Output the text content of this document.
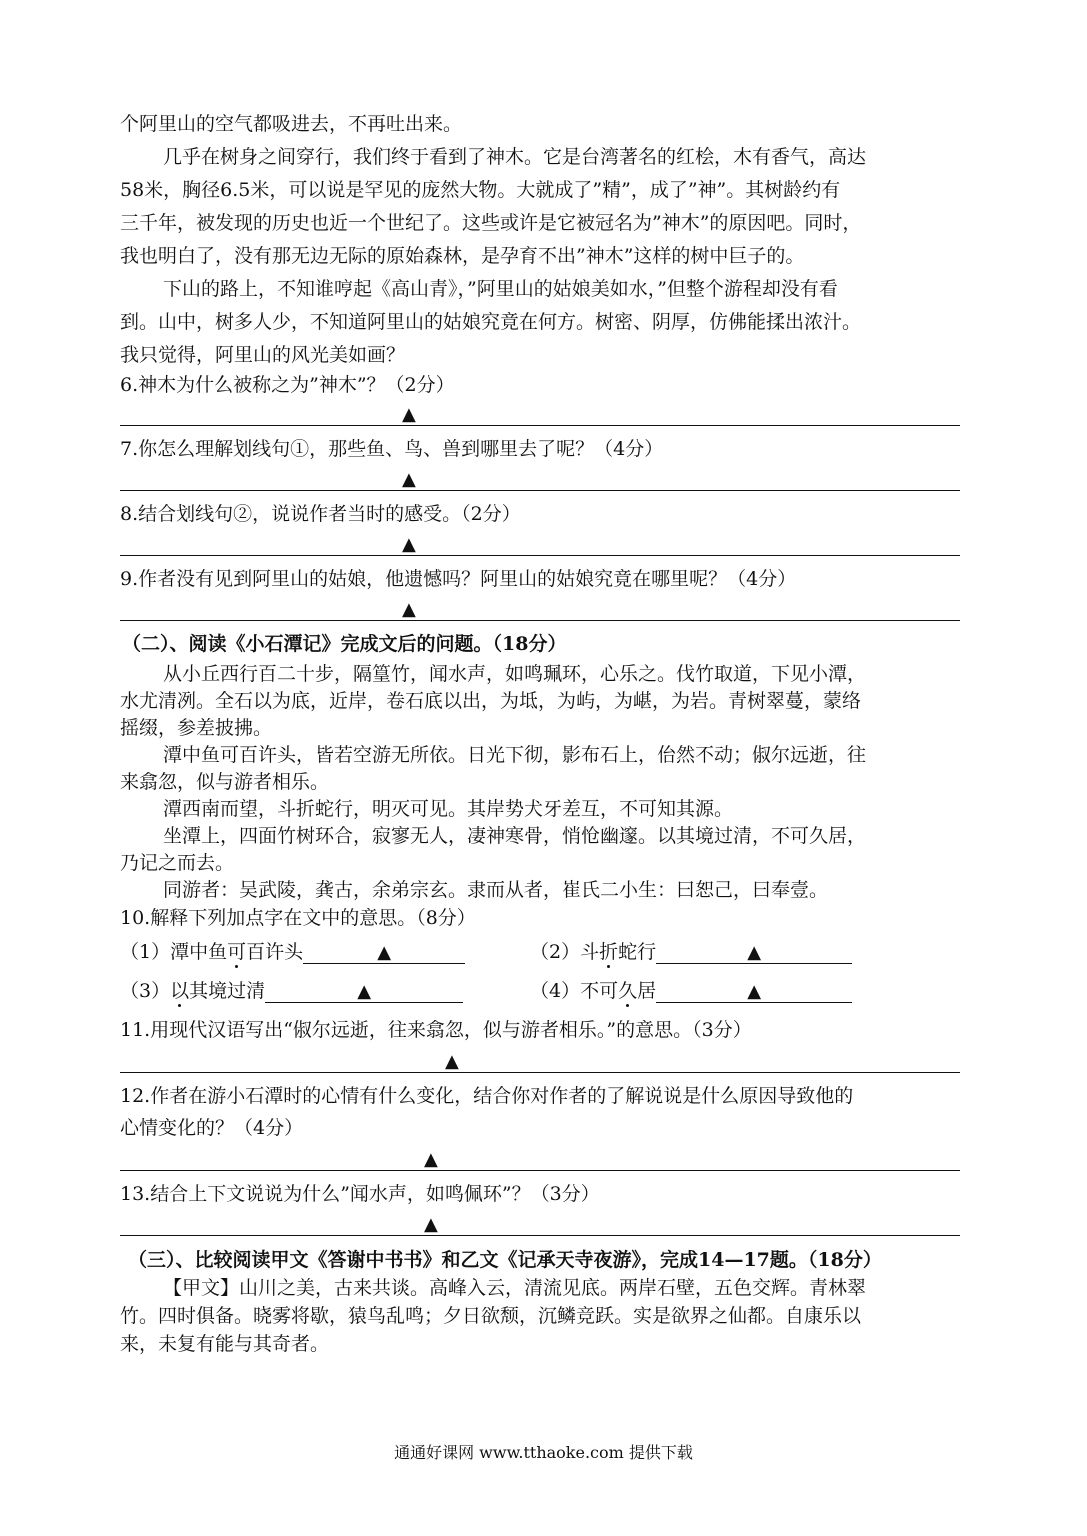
个阿里山的空气都吸进去，不再吐出来。
几乎在树身之间穿行，我们终于看到了神木。它是台湾著名的红桧，木有香气，高达
58米，胸径6.5米，可以说是罕见的庞然大物。大就成了”精”，成了”神”。其树龄约有
三千年，被发现的历史也近一个世纪了。这些或许是它被冠名为”神木”的原因吧。同时，
我也明白了，没有那无边无际的原始森林，是孕育不出”神木”这样的树中巨子的。
下山的路上，不知谁哼起《高山青》，”阿里山的姑娘美如水，”但整个游程却没有看
到。山中，树多人少，不知道阿里山的姑娘究竟在何方。树密、阴厚，仿佛能揉出浓汁。
我只觉得，阿里山的风光美如画？
6.神木为什么被称之为”神木”？（2分）
▲
7.你怎么理解划线句①，那些鱼、鸟、兽到哪里去了呢？（4分）
▲
8.结合划线句②，说说作者当时的感受。（2分）
▲
9.作者没有见到阿里山的姑娘，他遗憾吗？阿里山的姑娘究竟在哪里呢？（4分）
▲
（二）、阅读《小石潭记》完成文后的问题。（18分）
从小丘西行百二十步，隔篁竹，闻水声，如鸣珮环，心乐之。伐竹取道，下见小潭，
水尤清冽。全石以为底，近岸，卷石底以出，为坻，为屿，为嵁，为岩。青树翠蔓，蒙络
摇缀，参差披拂。
潭中鱼可百许头，皆若空游无所依。日光下彻，影布石上，佁然不动；俶尔远逝，往
来翕忽，似与游者相乐。
潭西南而望，斗折蛇行，明灭可见。其岸势犬牙差互，不可知其源。
坐潭上，四面竹树环合，寂寥无人，凄神寒骨，悄怆幽邃。以其境过清，不可久居，
乃记之而去。
同游者：吴武陵，龚古，余弟宗玄。隶而从者，崔氏二小生：曰恕己，曰奉壹。
10.解释下列加点字在文中的意思。（8分）
（1）潭中鱼可百许头	▲	（2）斗折蛇行	▲
（3）以其境过清	▲	（4）不可久居	▲
11.用现代汉语写出“俶尔远逝，往来翕忽，似与游者相乐。”的意思。（3分）
▲
12.作者在游小石潭时的心情有什么变化，结合你对作者的了解说说是什么原因导致他的
心情变化的？（4分）
▲
13.结合上下文说说为什么”闻水声，如鸣佩环”？（3分）
▲
（三）、比较阅读甲文《答谢中书书》和乙文《记承天寺夜游》，完成14—17题。（18分）
【甲文】山川之美，古来共谈。高峰入云，清流见底。两岸石壁，五色交辉。青林翠
竹。四时俱备。晓雾将歇，猿鸟乱鸣；夕日欲颓，沉鳞竞跃。实是欲界之仙都。自康乐以
来，未复有能与其奇者。
通通好课网 www.tthaoke.com 提供下载
